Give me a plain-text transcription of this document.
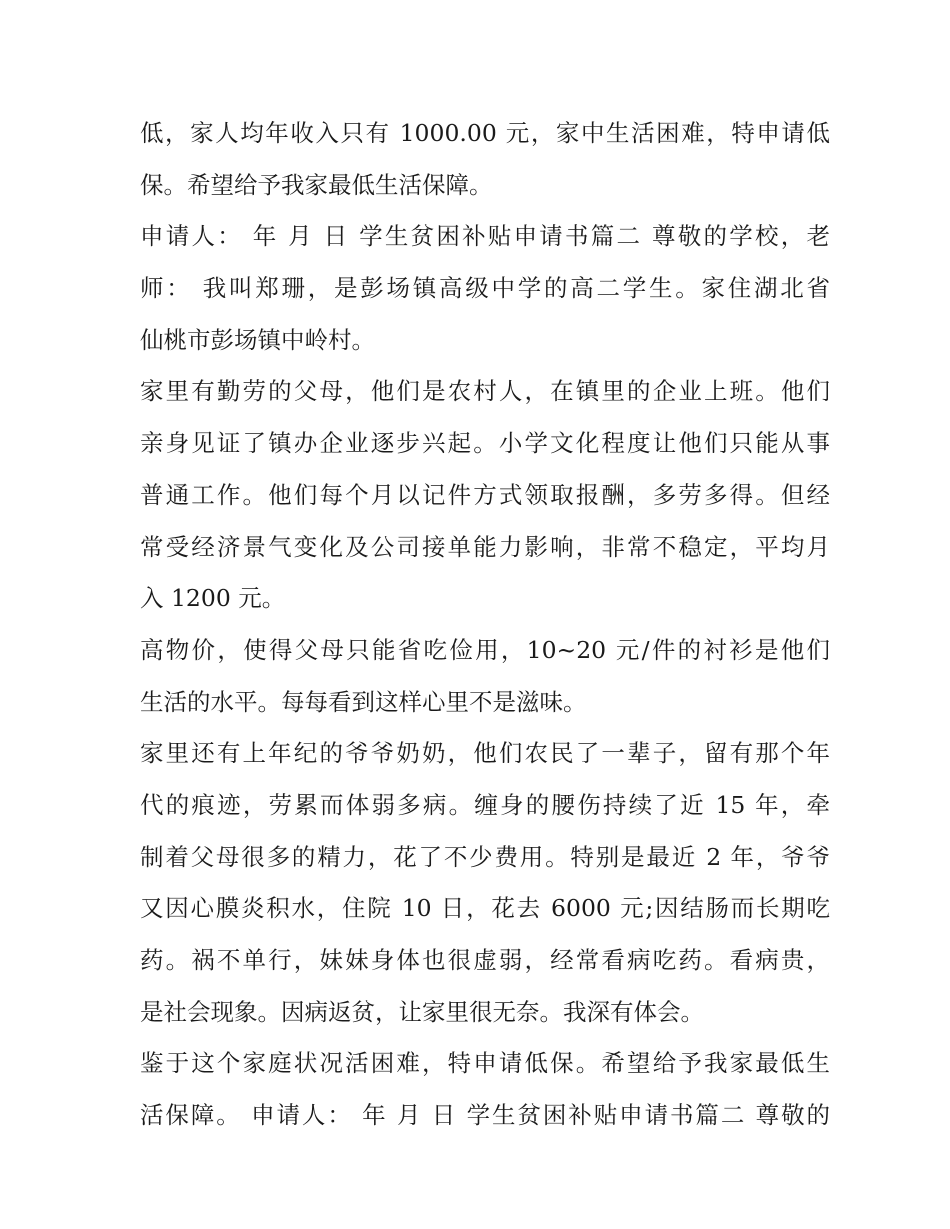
低，家人均年收入只有 1000.00 元，家中生活困难，特申请低
保。希望给予我家最低生活保障。
申请人： 年 月 日 学生贫困补贴申请书篇二 尊敬的学校，老
师： 我叫郑珊，是彭场镇高级中学的高二学生。家住湖北省
仙桃市彭场镇中岭村。
家里有勤劳的父母，他们是农村人，在镇里的企业上班。他们
亲身见证了镇办企业逐步兴起。小学文化程度让他们只能从事
普通工作。他们每个月以记件方式领取报酬，多劳多得。但经
常受经济景气变化及公司接单能力影响，非常不稳定，平均月
入 1200 元。
高物价，使得父母只能省吃俭用，10~20 元/件的衬衫是他们
生活的水平。每每看到这样心里不是滋味。
家里还有上年纪的爷爷奶奶，他们农民了一辈子，留有那个年
代的痕迹，劳累而体弱多病。缠身的腰伤持续了近 15 年，牵
制着父母很多的精力，花了不少费用。特别是最近 2 年，爷爷
又因心膜炎积水，住院 10 日，花去 6000 元;因结肠而长期吃
药。祸不单行，妹妹身体也很虚弱，经常看病吃药。看病贵，
是社会现象。因病返贫，让家里很无奈。我深有体会。
鉴于这个家庭状况活困难，特申请低保。希望给予我家最低生
活保障。 申请人： 年 月 日 学生贫困补贴申请书篇二 尊敬的
